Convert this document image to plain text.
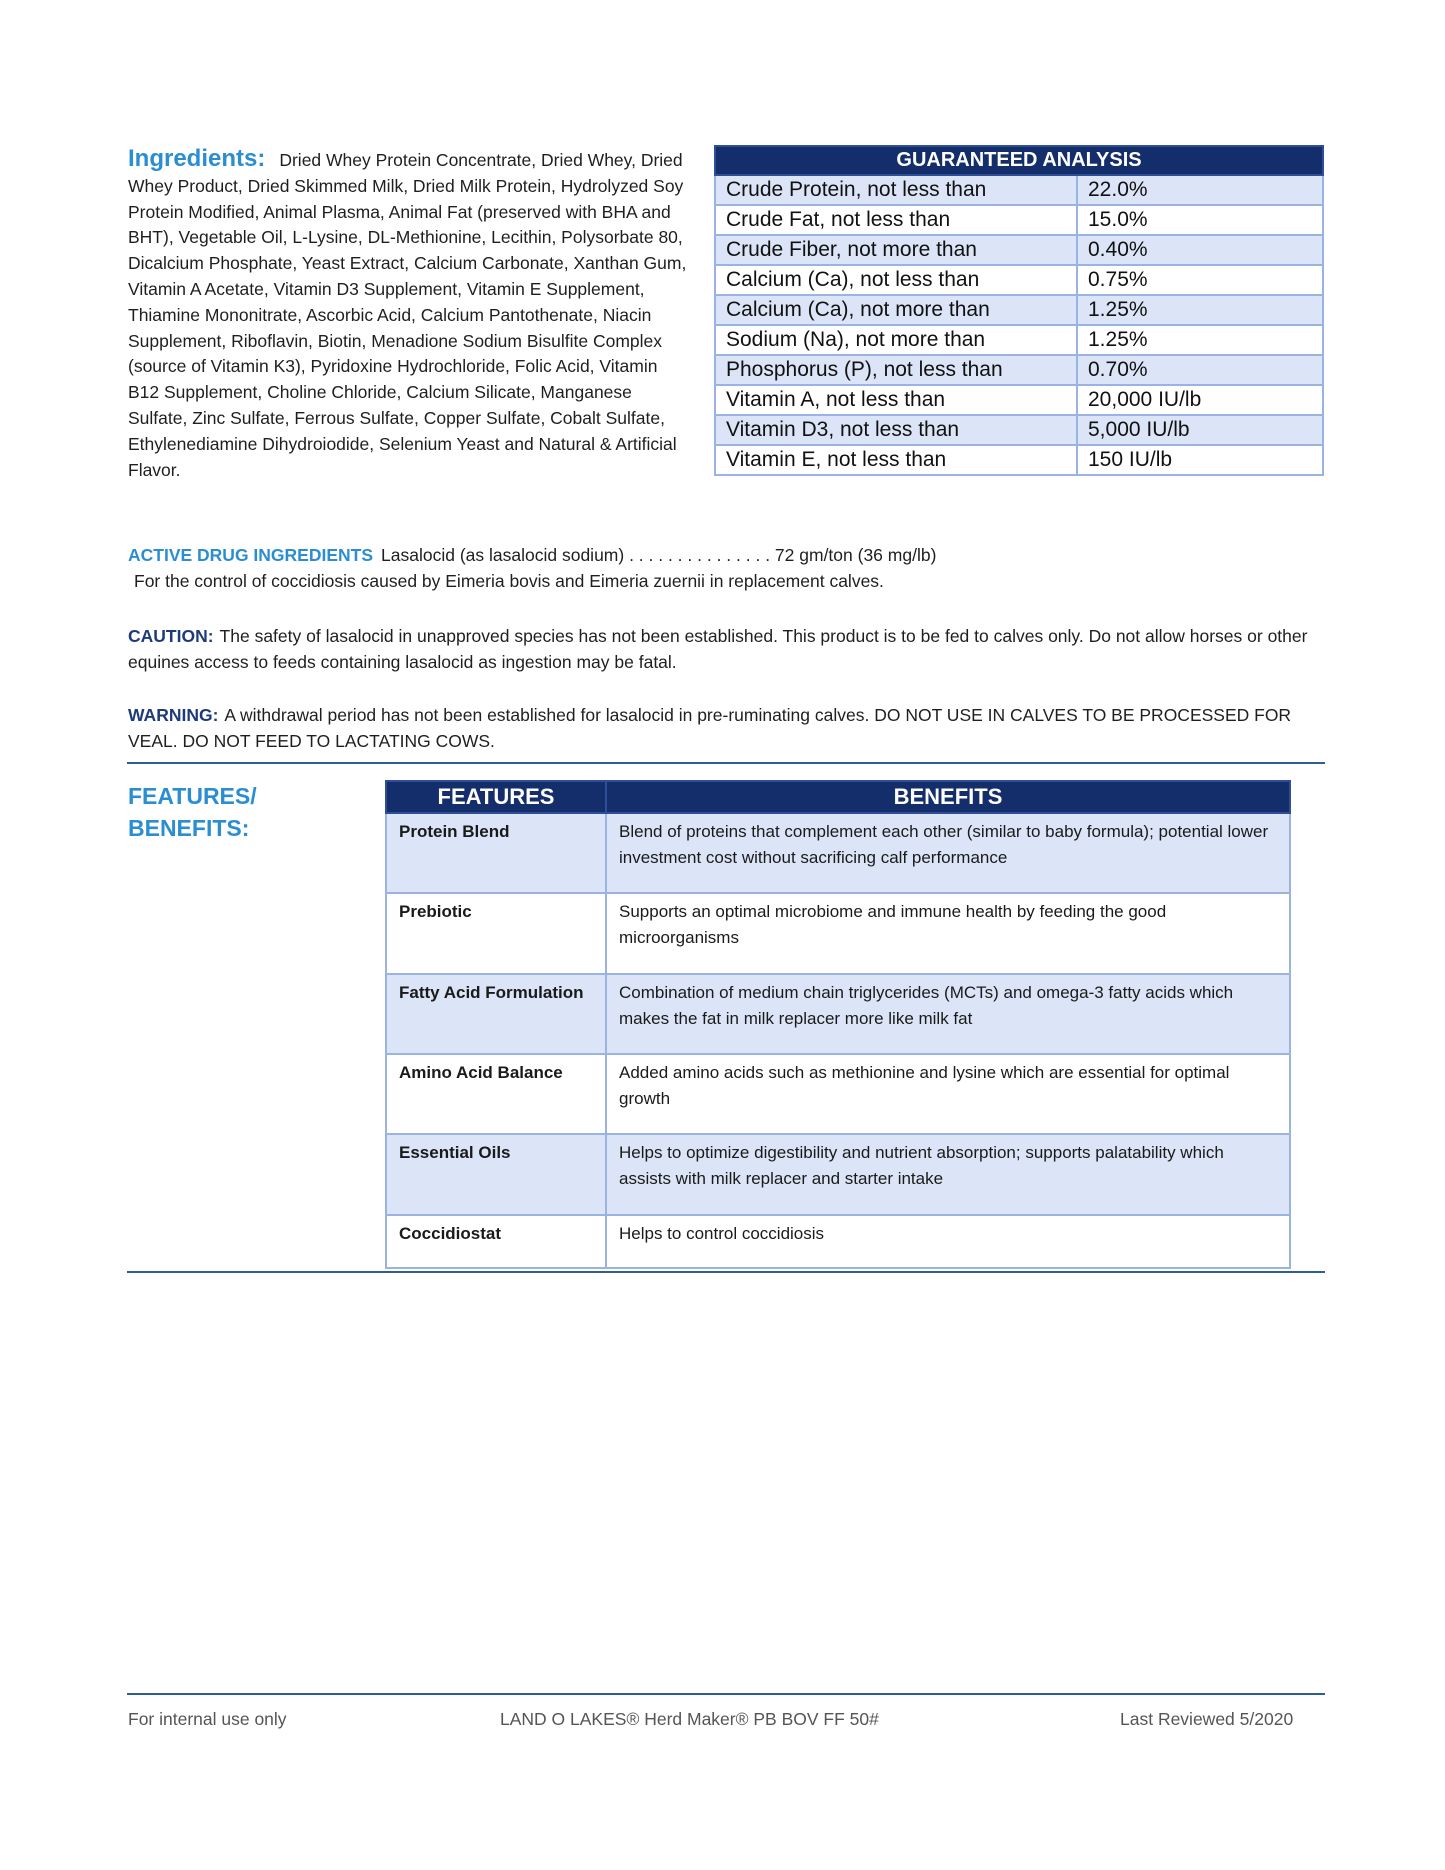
Ingredients: Dried Whey Protein Concentrate, Dried Whey, Dried Whey Product, Dried Skimmed Milk, Dried Milk Protein, Hydrolyzed Soy Protein Modified, Animal Plasma, Animal Fat (preserved with BHA and BHT), Vegetable Oil, L-Lysine, DL-Methionine, Lecithin, Polysorbate 80, Dicalcium Phosphate, Yeast Extract, Calcium Carbonate, Xanthan Gum, Vitamin A Acetate, Vitamin D3 Supplement, Vitamin E Supplement, Thiamine Mononitrate, Ascorbic Acid, Calcium Pantothenate, Niacin Supplement, Riboflavin, Biotin, Menadione Sodium Bisulfite Complex (source of Vitamin K3), Pyridoxine Hydrochloride, Folic Acid, Vitamin B12 Supplement, Choline Chloride, Calcium Silicate, Manganese Sulfate, Zinc Sulfate, Ferrous Sulfate, Copper Sulfate, Cobalt Sulfate, Ethylenediamine Dihydroiodide, Selenium Yeast and Natural & Artificial Flavor.
GUARANTEED ANALYSIS	
Crude Protein, not less than	22.0%
Crude Fat, not less than	15.0%
Crude Fiber, not more than	0.40%
Calcium (Ca), not less than	0.75%
Calcium (Ca), not more than	1.25%
Sodium (Na), not more than	1.25%
Phosphorus (P), not less than	0.70%
Vitamin A, not less than	20,000 IU/lb
Vitamin D3, not less than	5,000 IU/lb
Vitamin E, not less than	150 IU/lb
ACTIVE DRUG INGREDIENTS Lasalocid (as lasalocid sodium) . . . . . . . . . . . . . . . 72 gm/ton (36 mg/lb)
For the control of coccidiosis caused by Eimeria bovis and Eimeria zuernii in replacement calves.
CAUTION: The safety of lasalocid in unapproved species has not been established. This product is to be fed to calves only. Do not allow horses or other equines access to feeds containing lasalocid as ingestion may be fatal.
WARNING: A withdrawal period has not been established for lasalocid in pre-ruminating calves. DO NOT USE IN CALVES TO BE PROCESSED FOR VEAL. DO NOT FEED TO LACTATING COWS.
FEATURES/
BENEFITS:
FEATURES	BENEFITS
Protein Blend	Blend of proteins that complement each other (similar to baby formula); potential lower investment cost without sacrificing calf performance
Prebiotic	Supports an optimal microbiome and immune health by feeding the good microorganisms
Fatty Acid Formulation	Combination of medium chain triglycerides (MCTs) and omega-3 fatty acids which makes the fat in milk replacer more like milk fat
Amino Acid Balance	Added amino acids such as methionine and lysine which are essential for optimal growth
Essential Oils	Helps to optimize digestibility and nutrient absorption; supports palatability which assists with milk replacer and starter intake
Coccidiostat	Helps to control coccidiosis
For internal use only	LAND O LAKES® Herd Maker® PB BOV FF 50#	Last Reviewed 5/2020
